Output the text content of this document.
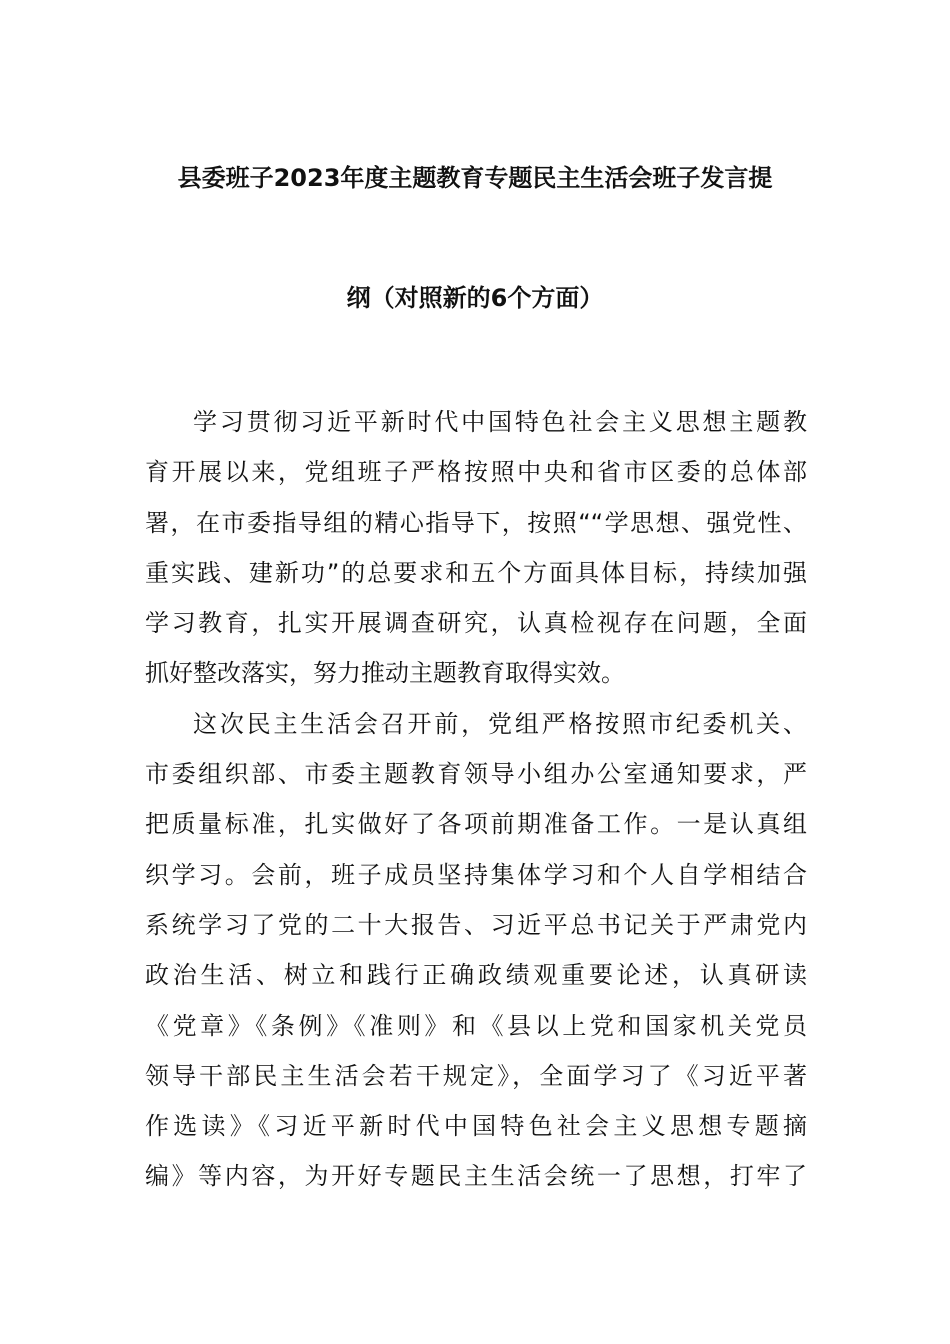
县委班子2023年度主题教育专题民主生活会班子发言提
纲（对照新的6个方面）
学习贯彻习近平新时代中国特色社会主义思想主题教
育开展以来，党组班子严格按照中央和省市区委的总体部
署，在市委指导组的精心指导下，按照““学思想、强党性、
重实践、建新功”的总要求和五个方面具体目标，持续加强
学习教育，扎实开展调查研究，认真检视存在问题，全面
抓好整改落实，努力推动主题教育取得实效。
这次民主生活会召开前，党组严格按照市纪委机关、
市委组织部、市委主题教育领导小组办公室通知要求，严
把质量标准，扎实做好了各项前期准备工作。一是认真组
织学习。会前，班子成员坚持集体学习和个人自学相结合
系统学习了党的二十大报告、习近平总书记关于严肃党内
政治生活、树立和践行正确政绩观重要论述，认真研读
《党章》《条例》《准则》和《县以上党和国家机关党员
领导干部民主生活会若干规定》，全面学习了《习近平著
作选读》《习近平新时代中国特色社会主义思想专题摘
编》等内容，为开好专题民主生活会统一了思想，打牢了
